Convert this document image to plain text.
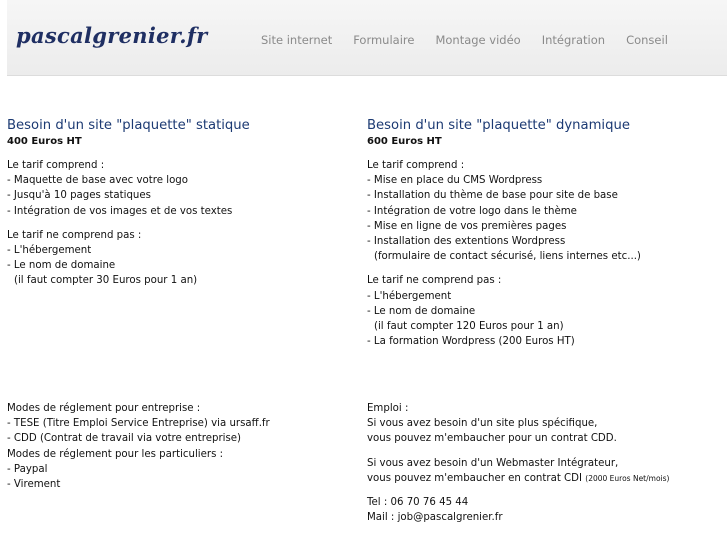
pascalgrenier.fr	Site internet Formulaire Montage vidéo Intégration Conseil
Besoin d'un site "plaquette" statique
400 Euros HT

Le tarif comprend :

- Maquette de base avec votre logo

- Jusqu'à 10 pages statiques

- Intégration de vos images et de vos textes

Le tarif ne comprend pas :

- L'hébergement

- Le nom de domaine

(il faut compter 30 Euros pour 1 an)

Besoin d'un site "plaquette" dynamique
600 Euros HT

Le tarif comprend :

- Mise en place du CMS Wordpress

- Installation du thème de base pour site de base

- Intégration de votre logo dans le thème

- Mise en ligne de vos premières pages

- Installation des extentions Wordpress

(formulaire de contact sécurisé, liens internes etc...)

Le tarif ne comprend pas :

- L'hébergement

- Le nom de domaine

(il faut compter 120 Euros pour 1 an)

- La formation Wordpress (200 Euros HT)

Modes de réglement pour entreprise :

- TESE (Titre Emploi Service Entreprise) via ursaff.fr

- CDD (Contrat de travail via votre entreprise)

Modes de réglement pour les particuliers :

- Paypal

- Virement

Emploi :

Si vous avez besoin d'un site plus spécifique,

vous pouvez m'embaucher pour un contrat CDD.

Si vous avez besoin d'un Webmaster Intégrateur,

vous pouvez m'embaucher en contrat CDI (2000 Euros Net/mois)

Tel : 06 70 76 45 44

Mail : job@pascalgrenier.fr
